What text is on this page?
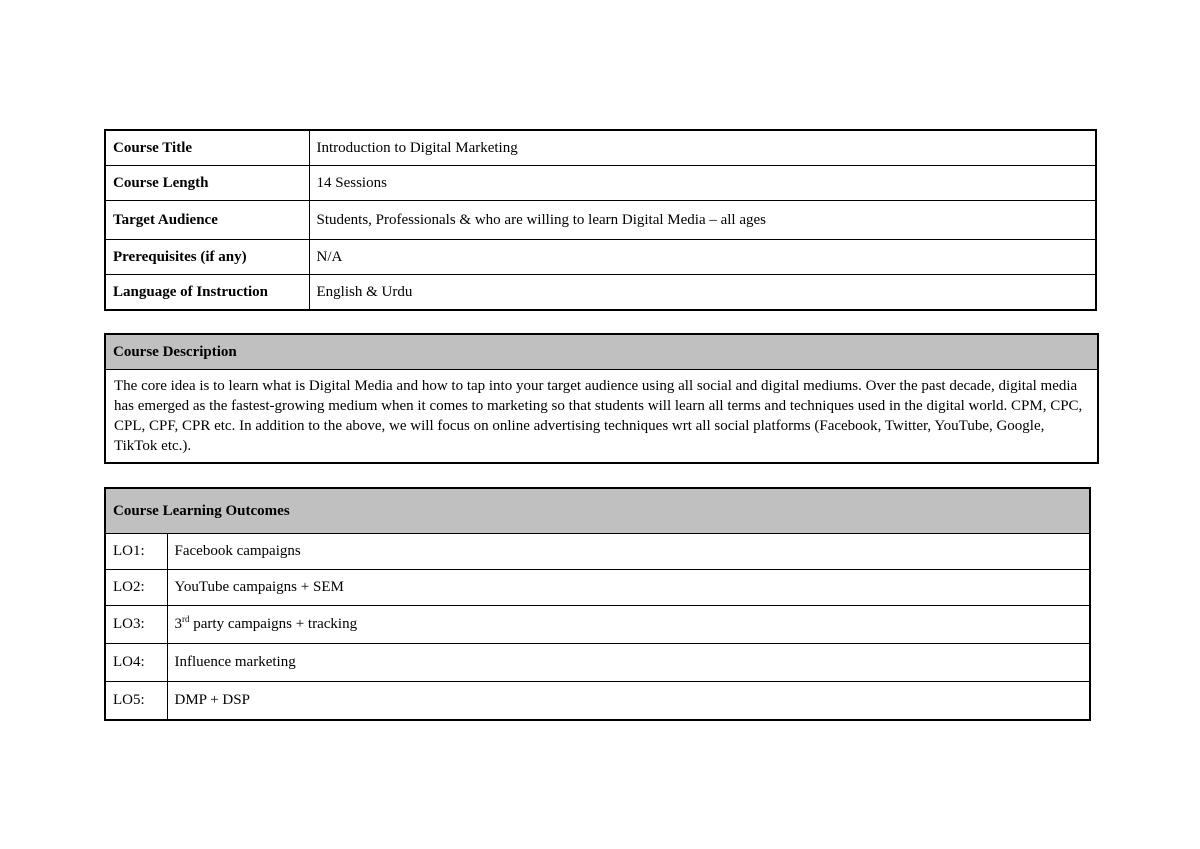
Course Title	Introduction to Digital Marketing
Course Length	14 Sessions
Target Audience	Students, Professionals & who are willing to learn Digital Media – all ages
Prerequisites (if any)	N/A
Language of Instruction	English & Urdu
Course Description
The core idea is to learn what is Digital Media and how to tap into your target audience using all social and digital mediums. Over the past decade, digital media has emerged as the fastest-growing medium when it comes to marketing so that students will learn all terms and techniques used in the digital world. CPM, CPC, CPL, CPF, CPR etc. In addition to the above, we will focus on online advertising techniques wrt all social platforms (Facebook, Twitter, YouTube, Google, TikTok etc.).
Course Learning Outcomes	
LO1:	Facebook campaigns
LO2:	YouTube campaigns + SEM
LO3:	3rd party campaigns + tracking
LO4:	Influence marketing
LO5:	DMP + DSP
